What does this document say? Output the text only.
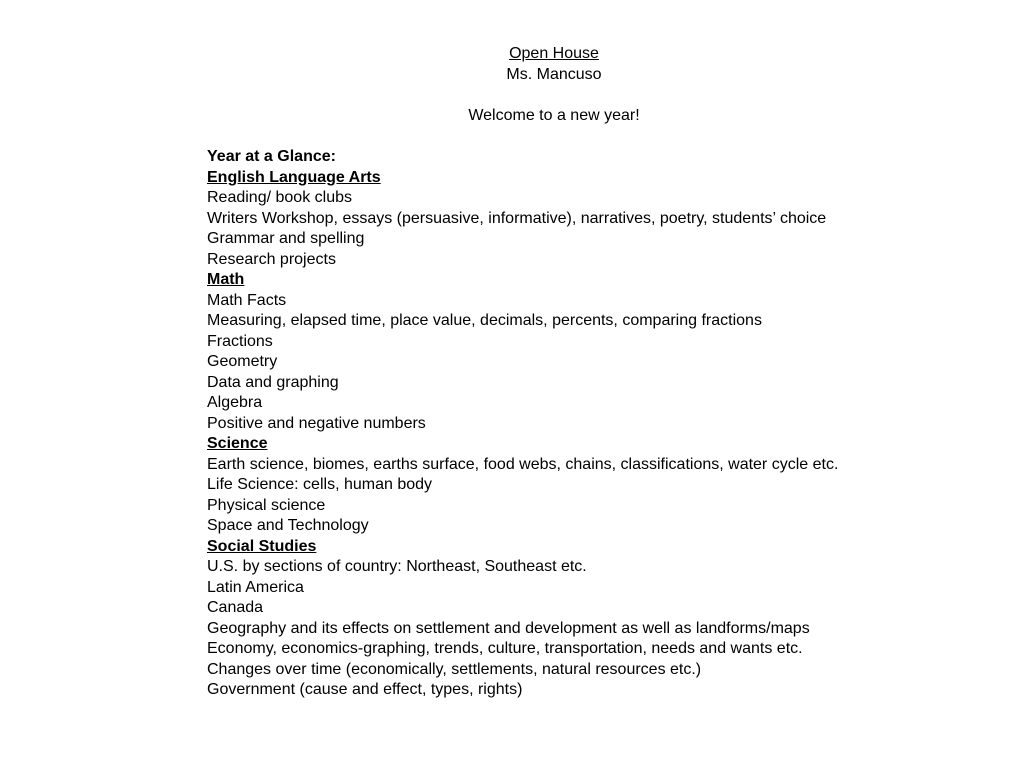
Open House
Ms. Mancuso
Welcome to a new year!
Year at a Glance:
English Language Arts
Reading/ book clubs
Writers Workshop, essays (persuasive, informative), narratives, poetry, students’ choice
Grammar and spelling
Research projects
Math
Math Facts
Measuring, elapsed time, place value, decimals, percents, comparing fractions
Fractions
Geometry
Data and graphing
Algebra
Positive and negative numbers
Science
Earth science, biomes, earths surface, food webs, chains, classifications, water cycle etc.
Life Science: cells, human body
Physical science
Space and Technology
Social Studies
U.S. by sections of country: Northeast, Southeast etc.
Latin America
Canada
Geography and its effects on settlement and development as well as landforms/maps
Economy, economics-graphing, trends, culture, transportation, needs and wants etc.
Changes over time (economically, settlements, natural resources etc.)
Government (cause and effect, types, rights)
